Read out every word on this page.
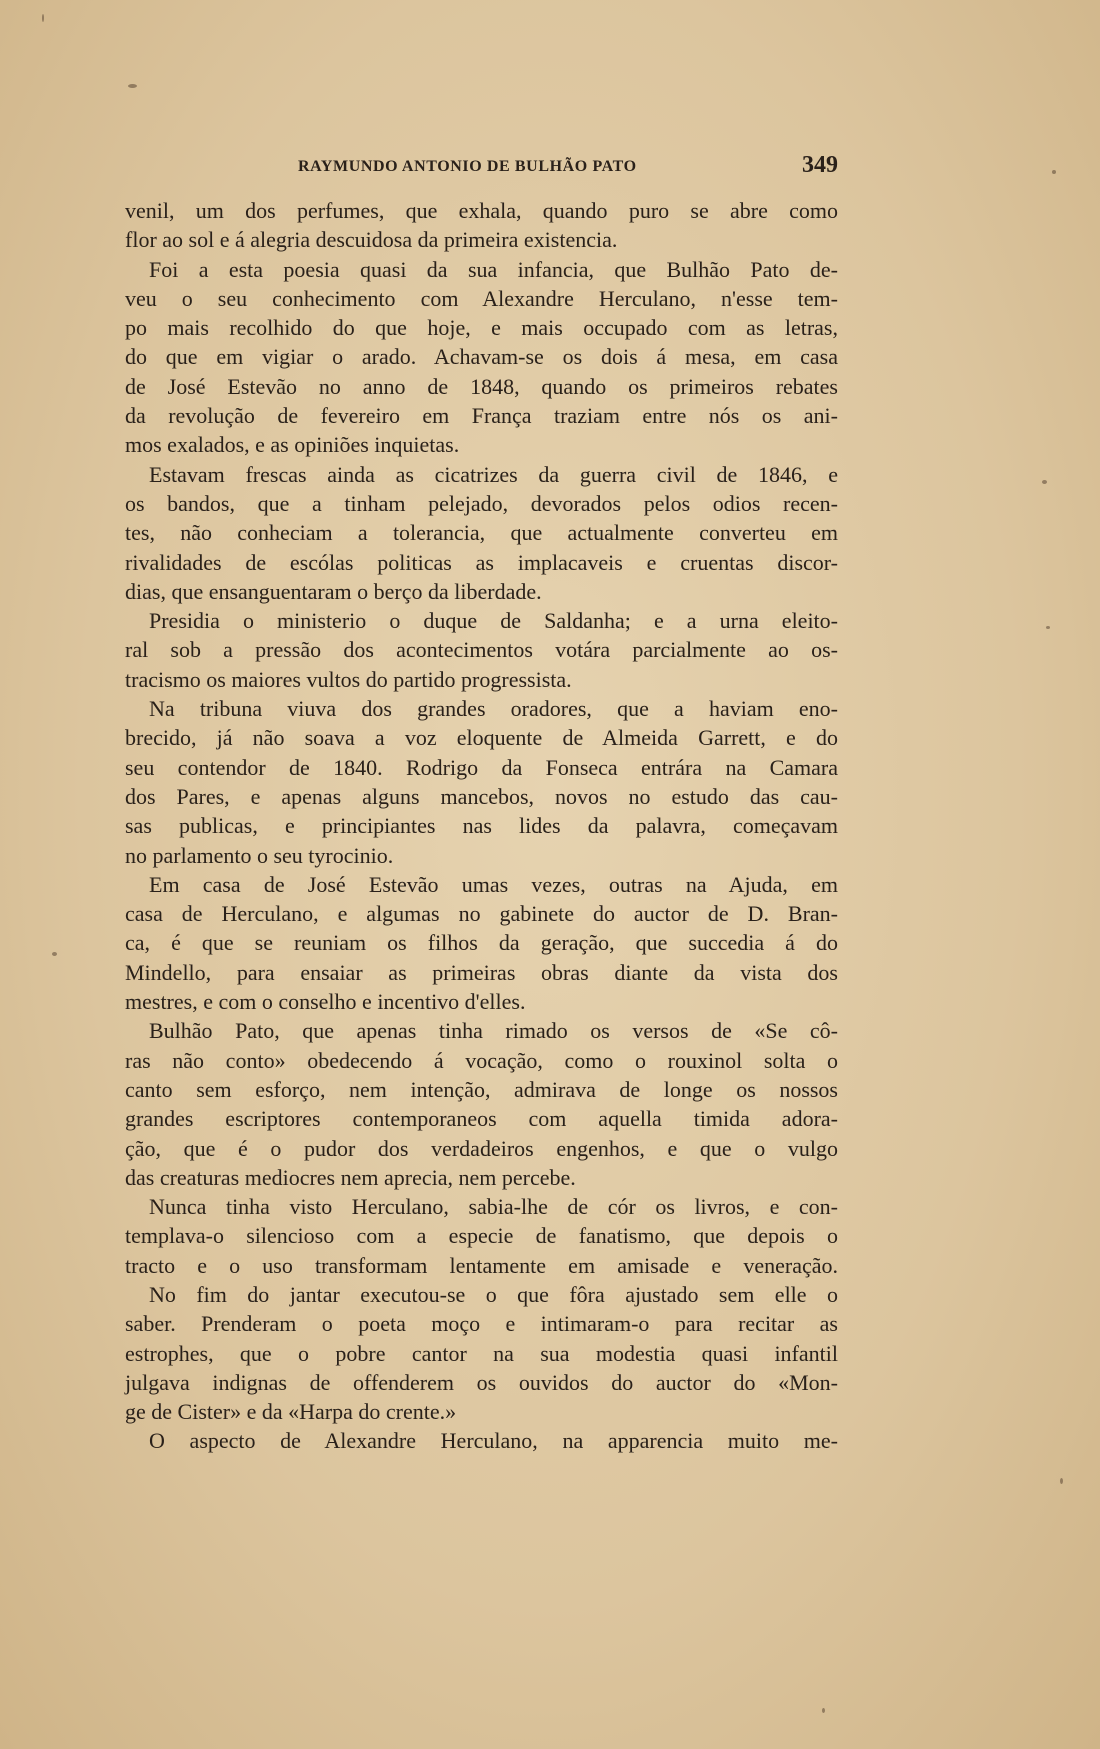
RAYMUNDO ANTONIO DE BULHÃO PATO	349
venil, um dos perfumes, que exhala, quando puro se abre como
flor ao sol e á alegria descuidosa da primeira existencia.
Foi a esta poesia quasi da sua infancia, que Bulhão Pato de-
veu o seu conhecimento com Alexandre Herculano, n'esse tem-
po mais recolhido do que hoje, e mais occupado com as letras,
do que em vigiar o arado. Achavam-se os dois á mesa, em casa
de José Estevão no anno de 1848, quando os primeiros rebates
da revolução de fevereiro em França traziam entre nós os ani-
mos exalados, e as opiniões inquietas.
Estavam frescas ainda as cicatrizes da guerra civil de 1846, e
os bandos, que a tinham pelejado, devorados pelos odios recen-
tes, não conheciam a tolerancia, que actualmente converteu em
rivalidades de escólas politicas as implacaveis e cruentas discor-
dias, que ensanguentaram o berço da liberdade.
Presidia o ministerio o duque de Saldanha; e a urna eleito-
ral sob a pressão dos acontecimentos votára parcialmente ao os-
tracismo os maiores vultos do partido progressista.
Na tribuna viuva dos grandes oradores, que a haviam eno-
brecido, já não soava a voz eloquente de Almeida Garrett, e do
seu contendor de 1840. Rodrigo da Fonseca entrára na Camara
dos Pares, e apenas alguns mancebos, novos no estudo das cau-
sas publicas, e principiantes nas lides da palavra, começavam
no parlamento o seu tyrocinio.
Em casa de José Estevão umas vezes, outras na Ajuda, em
casa de Herculano, e algumas no gabinete do auctor de D. Bran-
ca, é que se reuniam os filhos da geração, que succedia á do
Mindello, para ensaiar as primeiras obras diante da vista dos
mestres, e com o conselho e incentivo d'elles.
Bulhão Pato, que apenas tinha rimado os versos de «Se cô-
ras não conto» obedecendo á vocação, como o rouxinol solta o
canto sem esforço, nem intenção, admirava de longe os nossos
grandes escriptores contemporaneos com aquella timida adora-
ção, que é o pudor dos verdadeiros engenhos, e que o vulgo
das creaturas mediocres nem aprecia, nem percebe.
Nunca tinha visto Herculano, sabia-lhe de cór os livros, e con-
templava-o silencioso com a especie de fanatismo, que depois o
tracto e o uso transformam lentamente em amisade e veneração.
No fim do jantar executou-se o que fôra ajustado sem elle o
saber. Prenderam o poeta moço e intimaram-o para recitar as
estrophes, que o pobre cantor na sua modestia quasi infantil
julgava indignas de offenderem os ouvidos do auctor do «Mon-
ge de Cister» e da «Harpa do crente.»
O aspecto de Alexandre Herculano, na apparencia muito me-
